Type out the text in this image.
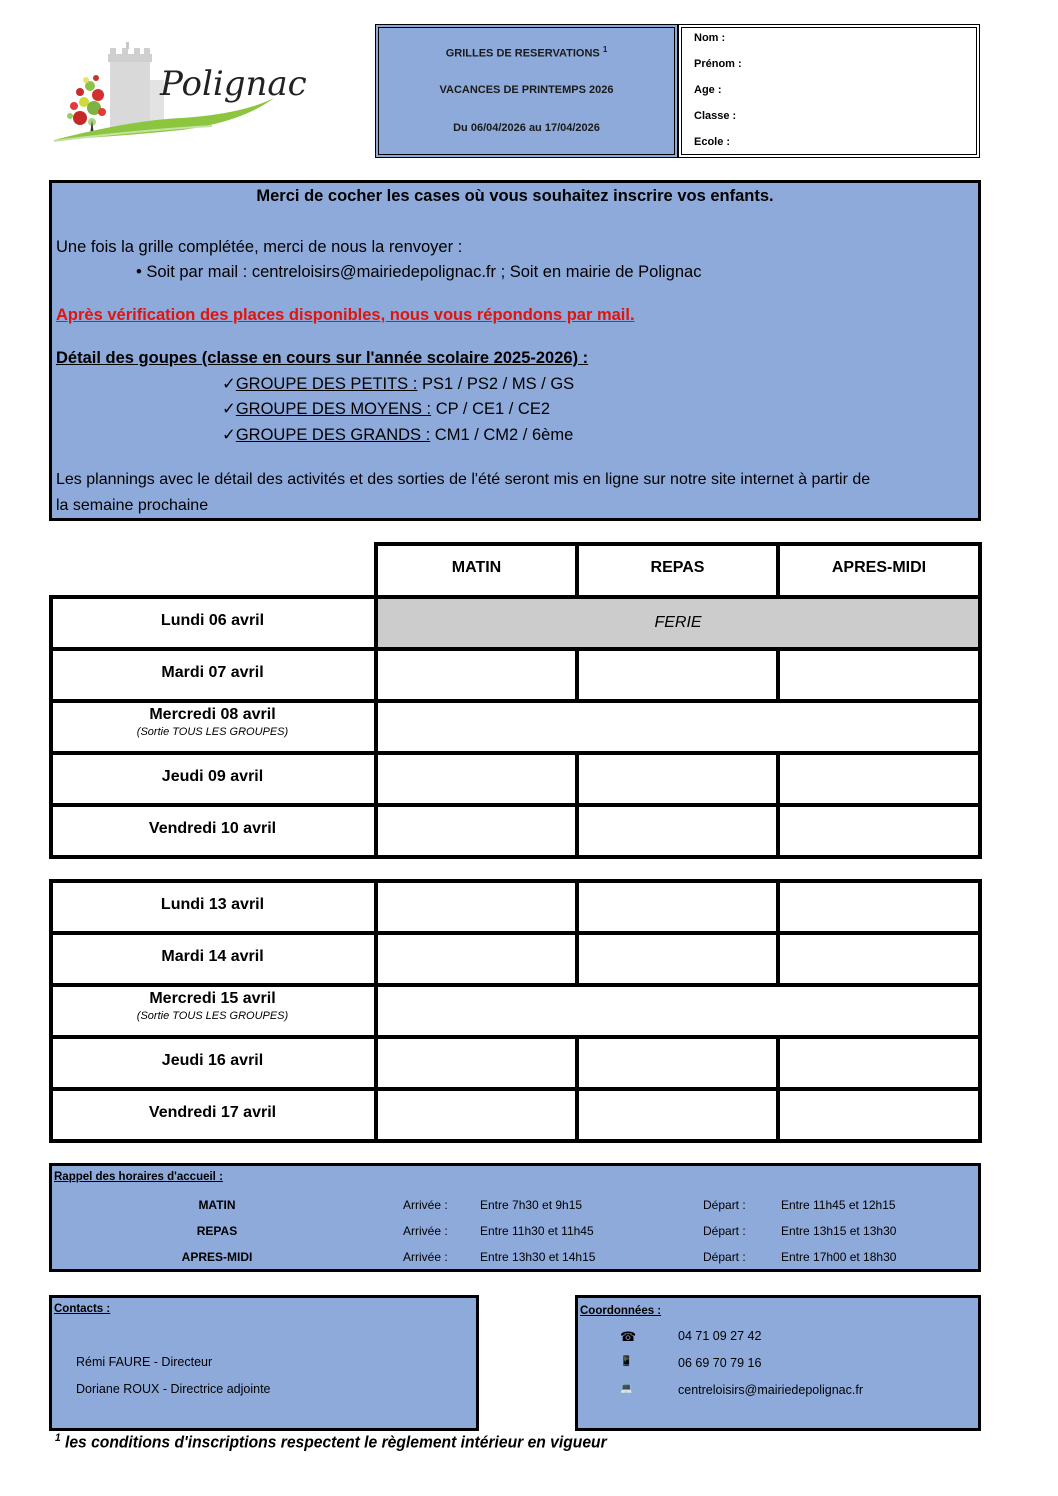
Polignac
GRILLES DE RESERVATIONS $^1$
VACANCES DE PRINTEMPS 2026
Du 06/04/2026 au 17/04/2026
Nom :
Prénom :
Age :
Classe :
Ecole :
Merci de cocher les cases où vous souhaitez inscrire vos enfants.
Une fois la grille complétée, merci de nous la renvoyer :
• Soit par mail : centreloisirs@mairiedepolignac.fr ; Soit en mairie de Polignac
Après vérification des places disponibles, nous vous répondons par mail.
Détail des goupes (classe en cours sur l'année scolaire 2025-2026) :
✓GROUPE DES PETITS : PS1 / PS2 / MS / GS
✓GROUPE DES MOYENS : CP / CE1 / CE2
✓GROUPE DES GRANDS : CM1 / CM2 / 6ème
Les plannings avec le détail des activités et des sorties de l'été seront mis en ligne sur notre site internet à partir de
la semaine prochaine
MATIN	REPAS	APRES-MIDI
Lundi 06 avril	FERIE
Mardi 07 avril
Mercredi 08 avril
(Sortie TOUS LES GROUPES)
Jeudi 09 avril
Vendredi 10 avril
Lundi 13 avril
Mardi 14 avril
Mercredi 15 avril
(Sortie TOUS LES GROUPES)
Jeudi 16 avril
Vendredi 17 avril
Rappel des horaires d'accueil :
MATIN	Arrivée :	Entre 7h30 et 9h15	Départ :	Entre 11h45 et 12h15
REPAS	Arrivée :	Entre 11h30 et 11h45	Départ :	Entre 13h15 et 13h30
APRES-MIDI	Arrivée :	Entre 13h30 et 14h15	Départ :	Entre 17h00 et 18h30
Contacts :
Rémi FAURE - Directeur
Doriane ROUX - Directrice adjointe
Coordonnées :
☎	04 71 09 27 42
📱	06 69 70 79 16
💻	centreloisirs@mairiedepolignac.fr
$^1$ les conditions d'inscriptions respectent le règlement intérieur en vigueur
